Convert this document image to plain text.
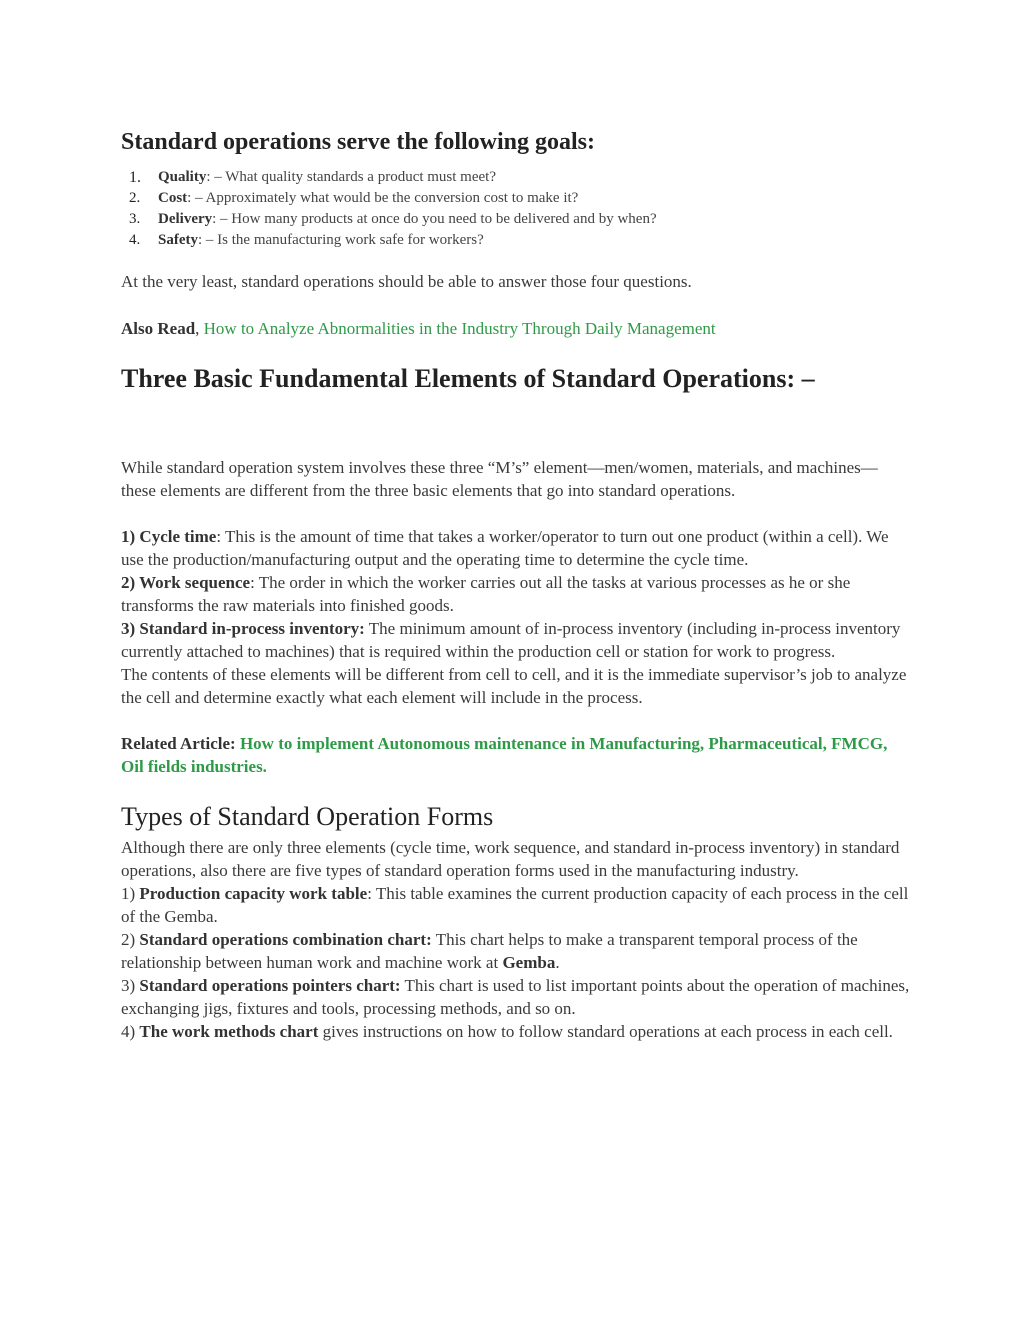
Standard operations serve the following goals:
1.	Quality: – What quality standards a product must meet?
2.	Cost: – Approximately what would be the conversion cost to make it?
3.	Delivery: – How many products at once do you need to be delivered and by when?
4.	Safety: – Is the manufacturing work safe for workers?

At the very least, standard operations should be able to answer those four questions.

Also Read, How to Analyze Abnormalities in the Industry Through Daily Management

Three Basic Fundamental Elements of Standard Operations: –

While standard operation system involves these three “M’s” element—men/women, materials, and machines—these elements are different from the three basic elements that go into standard operations.

1) Cycle time: This is the amount of time that takes a worker/operator to turn out one product (within a cell). We use the production/manufacturing output and the operating time to determine the cycle time.
2) Work sequence: The order in which the worker carries out all the tasks at various processes as he or she transforms the raw materials into finished goods.
3) Standard in-process inventory: The minimum amount of in-process inventory (including in-process inventory currently attached to machines) that is required within the production cell or station for work to progress.
The contents of these elements will be different from cell to cell, and it is the immediate supervisor’s job to analyze the cell and determine exactly what each element will include in the process.

Related Article: How to implement Autonomous maintenance in Manufacturing, Pharmaceutical, FMCG, Oil fields industries.

Types of Standard Operation Forms

Although there are only three elements (cycle time, work sequence, and standard in-process inventory) in standard operations, also there are five types of standard operation forms used in the manufacturing industry.
1) Production capacity work table: This table examines the current production capacity of each process in the cell of the Gemba.
2) Standard operations combination chart: This chart helps to make a transparent temporal process of the relationship between human work and machine work at Gemba.
3) Standard operations pointers chart: This chart is used to list important points about the operation of machines, exchanging jigs, fixtures and tools, processing methods, and so on.
4) The work methods chart gives instructions on how to follow standard operations at each process in each cell.
